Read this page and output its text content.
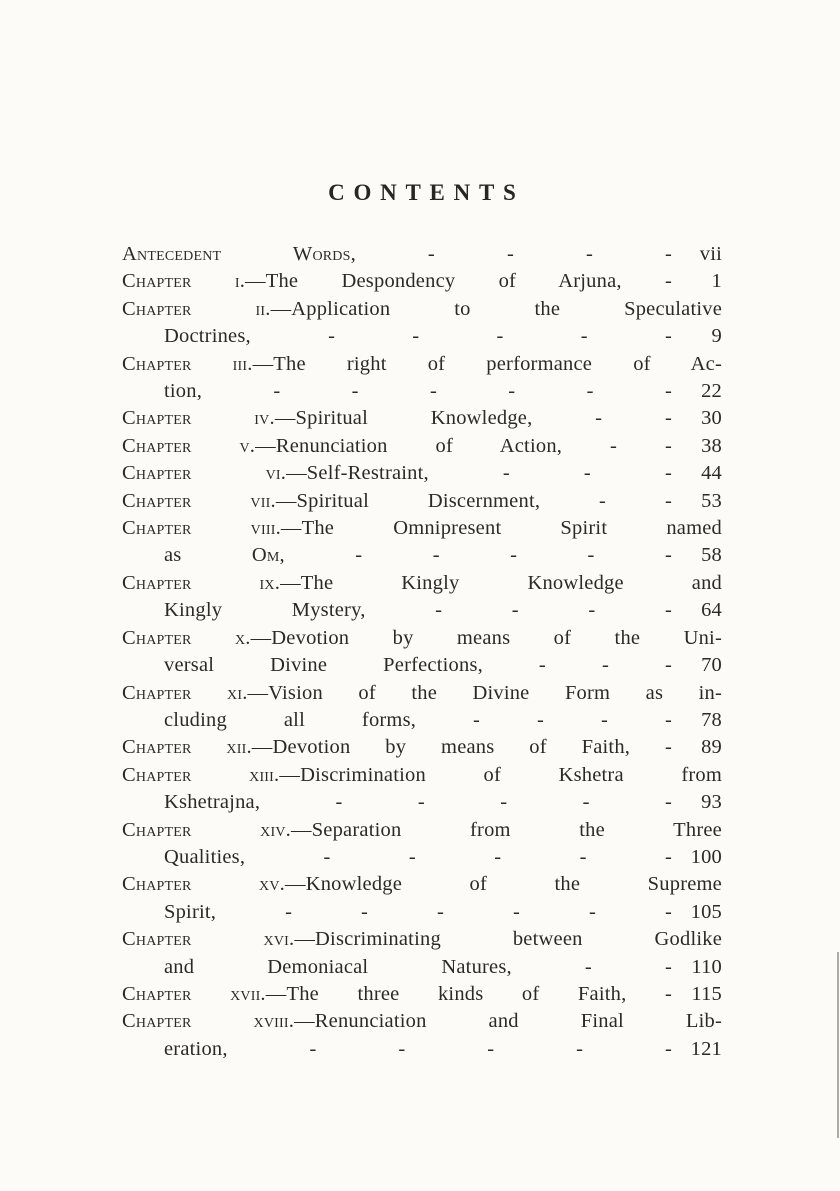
CONTENTS
Antecedent Words, - - - -	vii
Chapter i.—The Despondency of Arjuna, -	1
Chapter ii.—Application to the Speculative
Doctrines, - - - - -	9
Chapter iii.—The right of performance of Ac-
tion, - - - - - -	22
Chapter iv.—Spiritual Knowledge, - -	30
Chapter v.—Renunciation of Action, - -	38
Chapter vi.—Self-Restraint, - - -	44
Chapter vii.—Spiritual Discernment, - -	53
Chapter viii.—The Omnipresent Spirit named
as Om, - - - - -	58
Chapter ix.—The Kingly Knowledge and
Kingly Mystery, - - - -	64
Chapter x.—Devotion by means of the Uni-
versal Divine Perfections, - - -	70
Chapter xi.—Vision of the Divine Form as in-
cluding all forms, - - - -	78
Chapter xii.—Devotion by means of Faith, -	89
Chapter xiii.—Discrimination of Kshetra from
Kshetrajna, - - - - -	93
Chapter xiv.—Separation from the Three
Qualities, - - - - - 100
Chapter xv.—Knowledge of the Supreme
Spirit, - - - - - - 105
Chapter xvi.—Discriminating between Godlike
and Demoniacal Natures, - - 110
Chapter xvii.—The three kinds of Faith, - 115
Chapter xviii.—Renunciation and Final Lib-
eration, - - - - - 121
